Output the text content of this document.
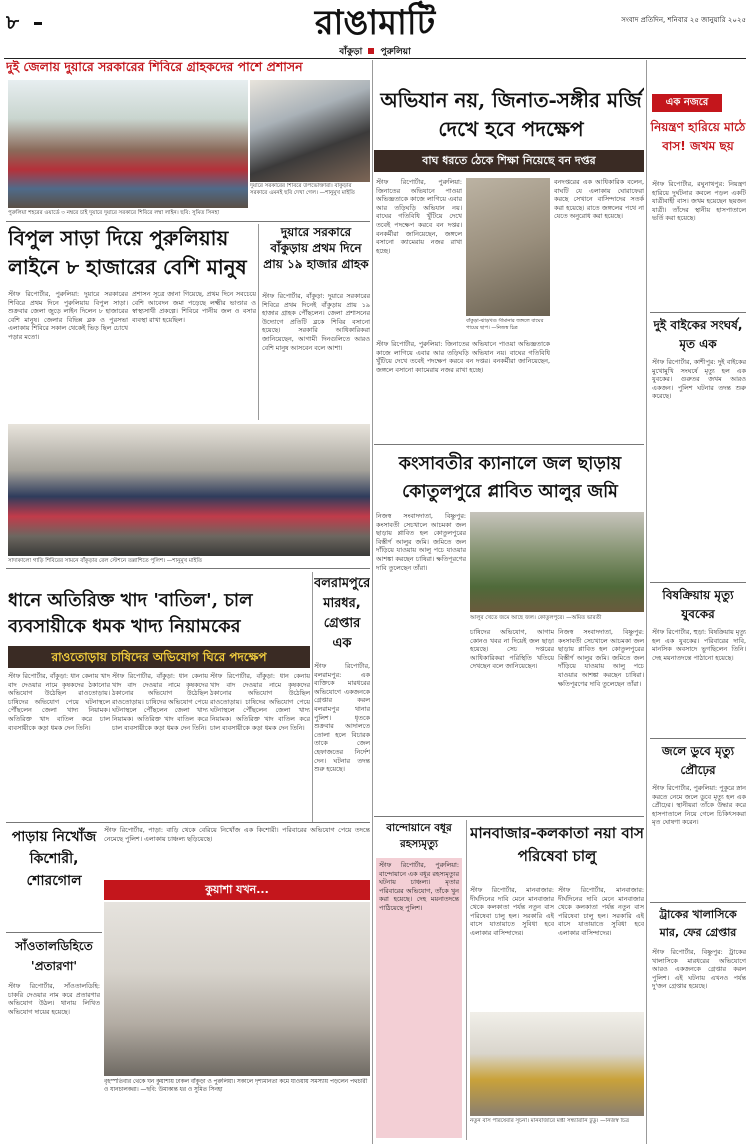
৮	রাঙামাটি
বাঁকুড়া পুরুলিয়া
সংবাদ প্রতিদিন, শনিবার ২৫ জানুয়ারি ২০২৫
দুই জেলায় দুয়ারে সরকারের শিবিরে গ্রাহকদের পাশে প্রশাসন
দুয়ারে সরকারের শিবিরে উপভোক্তারা। বাঁকুড়ার সরকারে এমনই ছবি দেখা গেল। —শানুমুখ মাইতি
পুরুলিয়া শহরের ওয়ার্ডে ৩ নম্বরে চাই দুয়ারে দুয়ারে সরকারে শিবিরে লম্বা লাইন। ছবি: সুমিত সিনহা
বিপুল সাড়া দিয়ে পুরুলিয়ায় লাইনে ৮ হাজারের বেশি মানুষ
স্টাফ রিপোর্টার, পুরুলিয়া: দুয়ারে সরকারের শিবিরে প্রথম দিনে পুরুলিয়ায় বিপুল সাড়া। শুক্রবার জেলা জুড়ে লাইন দিলেন ৮ হাজারের বেশি মানুষ। জেলার বিভিন্ন ব্লক ও পুরসভা এলাকায় শিবিরে সকাল থেকেই ভিড় ছিল চোখে পড়ার মতো।
প্রশাসন সূত্রে জানা গিয়েছে, প্রথম দিনে সবচেয়ে বেশি আবেদন জমা পড়েছে লক্ষ্মীর ভাণ্ডার ও স্বাস্থ্যসাথী প্রকল্পে। শিবিরে পানীয় জল ও বসার ব্যবস্থা রাখা হয়েছিল।
দুয়ারে সরকারে বাঁকুড়ায় প্রথম দিনে প্রায় ১৯ হাজার গ্রাহক
স্টাফ রিপোর্টার, বাঁকুড়া: দুয়ারে সরকারের শিবিরে প্রথম দিনেই বাঁকুড়ায় প্রায় ১৯ হাজার গ্রাহক পৌঁছলেন। জেলা প্রশাসনের উদ্যোগে প্রতিটি ব্লকে শিবির বসানো হয়েছে। সরকারি আধিকারিকরা জানিয়েছেন, আগামী দিনগুলিতে আরও বেশি মানুষ আসবেন বলে আশা।
সাদাকালো গাড়ি শিবিরের সামনে বাঁকুড়ার রেল স্টেশনে তল্লাশিতে পুলিশ। —শানুমুখ মাইতি
ধানে অতিরিক্ত খাদ 'বাতিল', চাল ব্যবসায়ীকে ধমক খাদ্য নিয়ামকের
রাওতোড়ায় চাষিদের অভিযোগ ঘিরে পদক্ষেপ
স্টাফ রিপোর্টার, বাঁকুড়া: ধান কেনায় খাদ বাদ দেওয়ার নামে কৃষকদের ঠকানোর অভিযোগ উঠেছিল রাওতোড়ায়। চাষিদের অভিযোগ পেয়ে ঘটনাস্থলে পৌঁছলেন জেলা খাদ্য নিয়ামক। অতিরিক্ত খাদ বাতিল করে চাল ব্যবসায়ীকে কড়া ধমক দেন তিনি।
স্টাফ রিপোর্টার, বাঁকুড়া: ধান কেনায় খাদ বাদ দেওয়ার নামে কৃষকদের ঠকানোর অভিযোগ উঠেছিল রাওতোড়ায়। চাষিদের অভিযোগ পেয়ে ঘটনাস্থলে পৌঁছলেন জেলা খাদ্য নিয়ামক। অতিরিক্ত খাদ বাতিল করে চাল ব্যবসায়ীকে কড়া ধমক দেন তিনি।
স্টাফ রিপোর্টার, বাঁকুড়া: ধান কেনায় খাদ বাদ দেওয়ার নামে কৃষকদের ঠকানোর অভিযোগ উঠেছিল রাওতোড়ায়। চাষিদের অভিযোগ পেয়ে ঘটনাস্থলে পৌঁছলেন জেলা খাদ্য নিয়ামক। অতিরিক্ত খাদ বাতিল করে চাল ব্যবসায়ীকে কড়া ধমক দেন তিনি।
বলরামপুরে মারধর, গ্রেপ্তার এক
স্টাফ রিপোর্টার, বলরামপুর: এক ব্যক্তিকে মারধরের অভিযোগে একজনকে গ্রেপ্তার করল বলরামপুর থানার পুলিশ। ধৃতকে শুক্রবার আদালতে তোলা হলে বিচারক তাকে জেল হেফাজতের নির্দেশ দেন। ঘটনার তদন্ত শুরু হয়েছে।
পাড়ায় নিখোঁজ কিশোরী, শোরগোল
স্টাফ রিপোর্টার, পাড়া: বাড়ি থেকে বেরিয়ে নিখোঁজ এক কিশোরী। পরিবারের অভিযোগ পেয়ে তদন্তে নেমেছে পুলিশ। এলাকায় চাঞ্চল্য ছড়িয়েছে।
সাঁওতালডিহিতে 'প্রতারণা'
স্টাফ রিপোর্টার, সাঁওতালডিহি: চাকরি দেওয়ার নাম করে প্রতারণার অভিযোগ উঠল। থানায় লিখিত অভিযোগ দায়ের হয়েছে।
কুয়াশা যখন...
বৃহস্পতিবার থেকে ঘন কুয়াশায় ঢাকল বাঁকুড়া ও পুরুলিয়া। সকালে দৃশ্যমানতা কমে যাওয়ায় সমস্যায় পড়লেন পথচারী ও যানচালকরা। —ছবি: উমাকান্ত ধর ও সুমিত সিনহা
অভিযান নয়, জিনাত-সঙ্গীর মর্জি দেখে হবে পদক্ষেপ
বাঘ ধরতে ঠেকে শিক্ষা নিয়েছে বন দপ্তর
স্টাফ রিপোর্টার, পুরুলিয়া: জিনাতের অভিযানে পাওয়া অভিজ্ঞতাকে কাজে লাগিয়ে এবার আর তড়িঘড়ি অভিযান নয়। বাঘের গতিবিধি খুঁটিয়ে দেখে তবেই পদক্ষেপ করবে বন দপ্তর। বনকর্মীরা জানিয়েছেন, জঙ্গলে বসানো ক্যামেরায় নজর রাখা হচ্ছে।
বাঁকুড়া-ঝাড়খণ্ড সীমানার জঙ্গলে বাঘের পায়ের ছাপ। —নিজস্ব চিত্র
বনদপ্তরের এক আধিকারিক বলেন, বাঘটি যে এলাকায় ঘোরাফেরা করছে সেখানে বাসিন্দাদের সতর্ক করা হয়েছে। রাতে জঙ্গলের পথে না যেতে অনুরোধ করা হয়েছে।
স্টাফ রিপোর্টার, পুরুলিয়া: জিনাতের অভিযানে পাওয়া অভিজ্ঞতাকে কাজে লাগিয়ে এবার আর তড়িঘড়ি অভিযান নয়। বাঘের গতিবিধি খুঁটিয়ে দেখে তবেই পদক্ষেপ করবে বন দপ্তর। বনকর্মীরা জানিয়েছেন, জঙ্গলে বসানো ক্যামেরায় নজর রাখা হচ্ছে।
কংসাবতীর ক্যানালে জল ছাড়ায় কোতুলপুরে প্লাবিত আলুর জমি
নিজস্ব সংবাদদাতা, বিষ্ণুপুর: কংসাবতী সেচখালে আচমকা জল ছাড়ায় প্লাবিত হল কোতুলপুরের বিস্তীর্ণ আলুর জমি। জমিতে জল দাঁড়িয়ে যাওয়ায় আলু পচে যাওয়ার আশঙ্কা করছেন চাষিরা। ক্ষতিপূরণের দাবি তুলেছেন তাঁরা।
আলুর খেতে জমে আছে জল। কোতুলপুরে। —অমিত ভারতী
চাষিদের অভিযোগ, আগাম কোনও খবর না দিয়েই জল ছাড়া হয়েছে। সেচ দপ্তরের আধিকারিকরা পরিস্থিতি খতিয়ে দেখছেন বলে জানিয়েছেন।
নিজস্ব সংবাদদাতা, বিষ্ণুপুর: কংসাবতী সেচখালে আচমকা জল ছাড়ায় প্লাবিত হল কোতুলপুরের বিস্তীর্ণ আলুর জমি। জমিতে জল দাঁড়িয়ে যাওয়ায় আলু পচে যাওয়ার আশঙ্কা করছেন চাষিরা। ক্ষতিপূরণের দাবি তুলেছেন তাঁরা।
বান্দোয়ানে বধূর রহস্যমৃত্যু
স্টাফ রিপোর্টার, পুরুলিয়া: বান্দোয়ানে এক বধূর রহস্যমৃত্যুর ঘটনায় চাঞ্চল্য। মৃতার পরিবারের অভিযোগ, তাঁকে খুন করা হয়েছে। দেহ ময়নাতদন্তে পাঠিয়েছে পুলিশ।
মানবাজার-কলকাতা নয়া বাস পরিষেবা চালু
স্টাফ রিপোর্টার, মানবাজার: দীর্ঘদিনের দাবি মেনে মানবাজার থেকে কলকাতা পর্যন্ত নতুন বাস পরিষেবা চালু হল। সরকারি এই বাসে যাতায়াতে সুবিধা হবে এলাকার বাসিন্দাদের।
স্টাফ রিপোর্টার, মানবাজার: দীর্ঘদিনের দাবি মেনে মানবাজার থেকে কলকাতা পর্যন্ত নতুন বাস পরিষেবা চালু হল। সরকারি এই বাসে যাতায়াতে সুবিধা হবে এলাকার বাসিন্দাদের।
নতুন বাস পরিষেবার সূচনা। মানবাজারে মন্ত্রী সন্ধ্যারানি টুডু। —নিজস্ব চিত্র
এক নজরে
নিয়ন্ত্রণ হারিয়ে মাঠে বাস! জখম ছয়
স্টাফ রিপোর্টার, রঘুনাথপুর: নিয়ন্ত্রণ হারিয়ে দুর্ঘটনার কবলে পড়ল একটি যাত্রীবাহী বাস। জখম হয়েছেন ছয়জন যাত্রী। তাঁদের স্থানীয় হাসপাতালে ভর্তি করা হয়েছে।
দুই বাইকের সংঘর্ষ, মৃত এক
স্টাফ রিপোর্টার, কাশীপুর: দুই বাইকের মুখোমুখি সংঘর্ষে মৃত্যু হল এক যুবকের। গুরুতর জখম আরও একজন। পুলিশ ঘটনার তদন্ত শুরু করেছে।
বিষক্রিয়ায় মৃত্যু যুবকের
স্টাফ রিপোর্টার, হুড়া: বিষক্রিয়ায় মৃত্যু হল এক যুবকের। পরিবারের দাবি, মানসিক অবসাদে ভুগছিলেন তিনি। দেহ ময়নাতদন্তে পাঠানো হয়েছে।
জলে ডুবে মৃত্যু প্রৌঢ়ের
স্টাফ রিপোর্টার, পুরুলিয়া: পুকুরে স্নান করতে নেমে জলে ডুবে মৃত্যু হল এক প্রৌঢ়ের। স্থানীয়রা তাঁকে উদ্ধার করে হাসপাতালে নিয়ে গেলে চিকিৎসকরা মৃত ঘোষণা করেন।
ট্রাকের খালাসিকে মার, ফের গ্রেপ্তার
স্টাফ রিপোর্টার, বিষ্ণুপুর: ট্রাকের খালাসিকে মারধরের অভিযোগে আরও একজনকে গ্রেপ্তার করল পুলিশ। এই ঘটনায় এখনও পর্যন্ত দু'জন গ্রেপ্তার হয়েছে।
